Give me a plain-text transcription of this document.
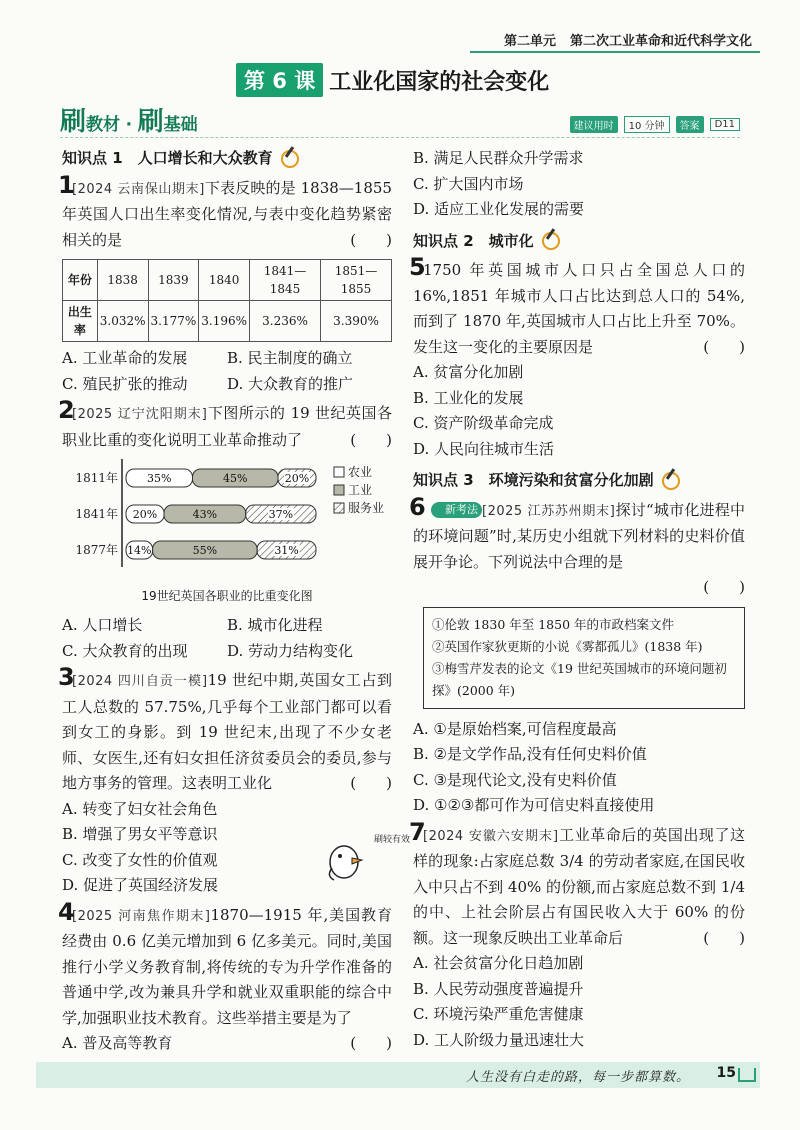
第二单元 第二次工业革命和近代科学文化
第 6 课 工业化国家的社会变化
刷教材 · 刷基础	建议用时	10 分钟	答案	D11
知识点 1　人口增长和大众教育
1
[2024 云南保山期末]下表反映的是 1838—1855 年英国人口出生率变化情况,与表中变化趋势紧密相关的是	(　　)
年份	1838	1839	1840	1841—1845	1851—1855
出生率	3.032%	3.177%	3.196%	3.236%	3.390%
A. 工业革命的发展	B. 民主制度的确立
C. 殖民扩张的推动	D. 大众教育的推广
2
[2025 辽宁沈阳期末]下图所示的 19 世纪英国各职业比重的变化说明工业革命推动了	(　　)
1811年	35%	45%	20%
1841年 20%	43%	37%
1877年 14%	55%	31%
农业
工业
服务业
19世纪英国各职业的比重变化图
A. 人口增长	B. 城市化进程
C. 大众教育的出现	D. 劳动力结构变化
3
[2024 四川自贡一模]19 世纪中期,英国女工占到工人总数的 57.75%,几乎每个工业部门都可以看到女工的身影。到 19 世纪末,出现了不少女老师、女医生,还有妇女担任济贫委员会的委员,参与地方事务的管理。这表明工业化	(　　)
A. 转变了妇女社会角色
B. 增强了男女平等意识
C. 改变了女性的价值观
D. 促进了英国经济发展
4
[2025 河南焦作期末]1870—1915 年,美国教育经费由 0.6 亿美元增加到 6 亿多美元。同时,美国推行小学义务教育制,将传统的专为升学作准备的普通中学,改为兼具升学和就业双重职能的综合中学,加强职业技术教育。这些举措主要是为了
(　　)
A. 普及高等教育
刷较有效
B. 满足人民群众升学需求
C. 扩大国内市场
D. 适应工业化发展的需要
知识点 2　城市化
5
1750 年英国城市人口只占全国总人口的 16%,1851 年城市人口占比达到总人口的 54%,而到了 1870 年,英国城市人口占比上升至 70%。发生这一变化的主要原因是	(　　)
A. 贫富分化加剧
B. 工业化的发展
C. 资产阶级革命完成
D. 人民向往城市生活
知识点 3　环境污染和贫富分化加剧
6	新考法 [2025 江苏苏州期末]探讨“城市化进程中的环境问题”时,某历史小组就下列材料的史料价值展开争论。下列说法中合理的是
(　　)
①伦敦 1830 年至 1850 年的市政档案文件
②英国作家狄更斯的小说《雾都孤儿》(1838 年)
③梅雪芹发表的论文《19 世纪英国城市的环境问题初探》(2000 年)
A. ①是原始档案,可信程度最高
B. ②是文学作品,没有任何史料价值
C. ③是现代论文,没有史料价值
D. ①②③都可作为可信史料直接使用
7
[2024 安徽六安期末]工业革命后的英国出现了这样的现象:占家庭总数 3/4 的劳动者家庭,在国民收入中只占不到 40% 的份额,而占家庭总数不到 1/4 的中、上社会阶层占有国民收入大于 60% 的份额。这一现象反映出工业革命后	(　　)
A. 社会贫富分化日趋加剧
B. 人民劳动强度普遍提升
C. 环境污染严重危害健康
D. 工人阶级力量迅速壮大
人生没有白走的路，每一步都算数。 15
